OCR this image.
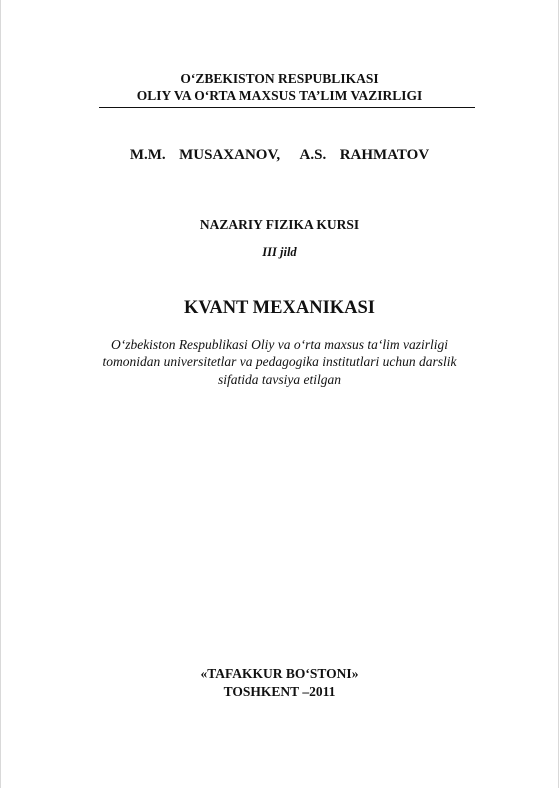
O‘ZBEKISTON RESPUBLIKASI
OLIY VA O‘RTA MAXSUS TA’LIM VAZIRLIGI
M.M.  MUSAXANOV,   A.S.  RAHMATOV
NAZARIY FIZIKA KURSI
III jild
KVANT MEXANIKASI
O‘zbekiston Respublikasi Oliy va o‘rta maxsus ta‘lim vazirligi
tomonidan universitetlar va pedagogika institutlari uchun darslik
sifatida tavsiya etilgan
«TAFAKKUR BO‘STONI»
TOSHKENT –2011
